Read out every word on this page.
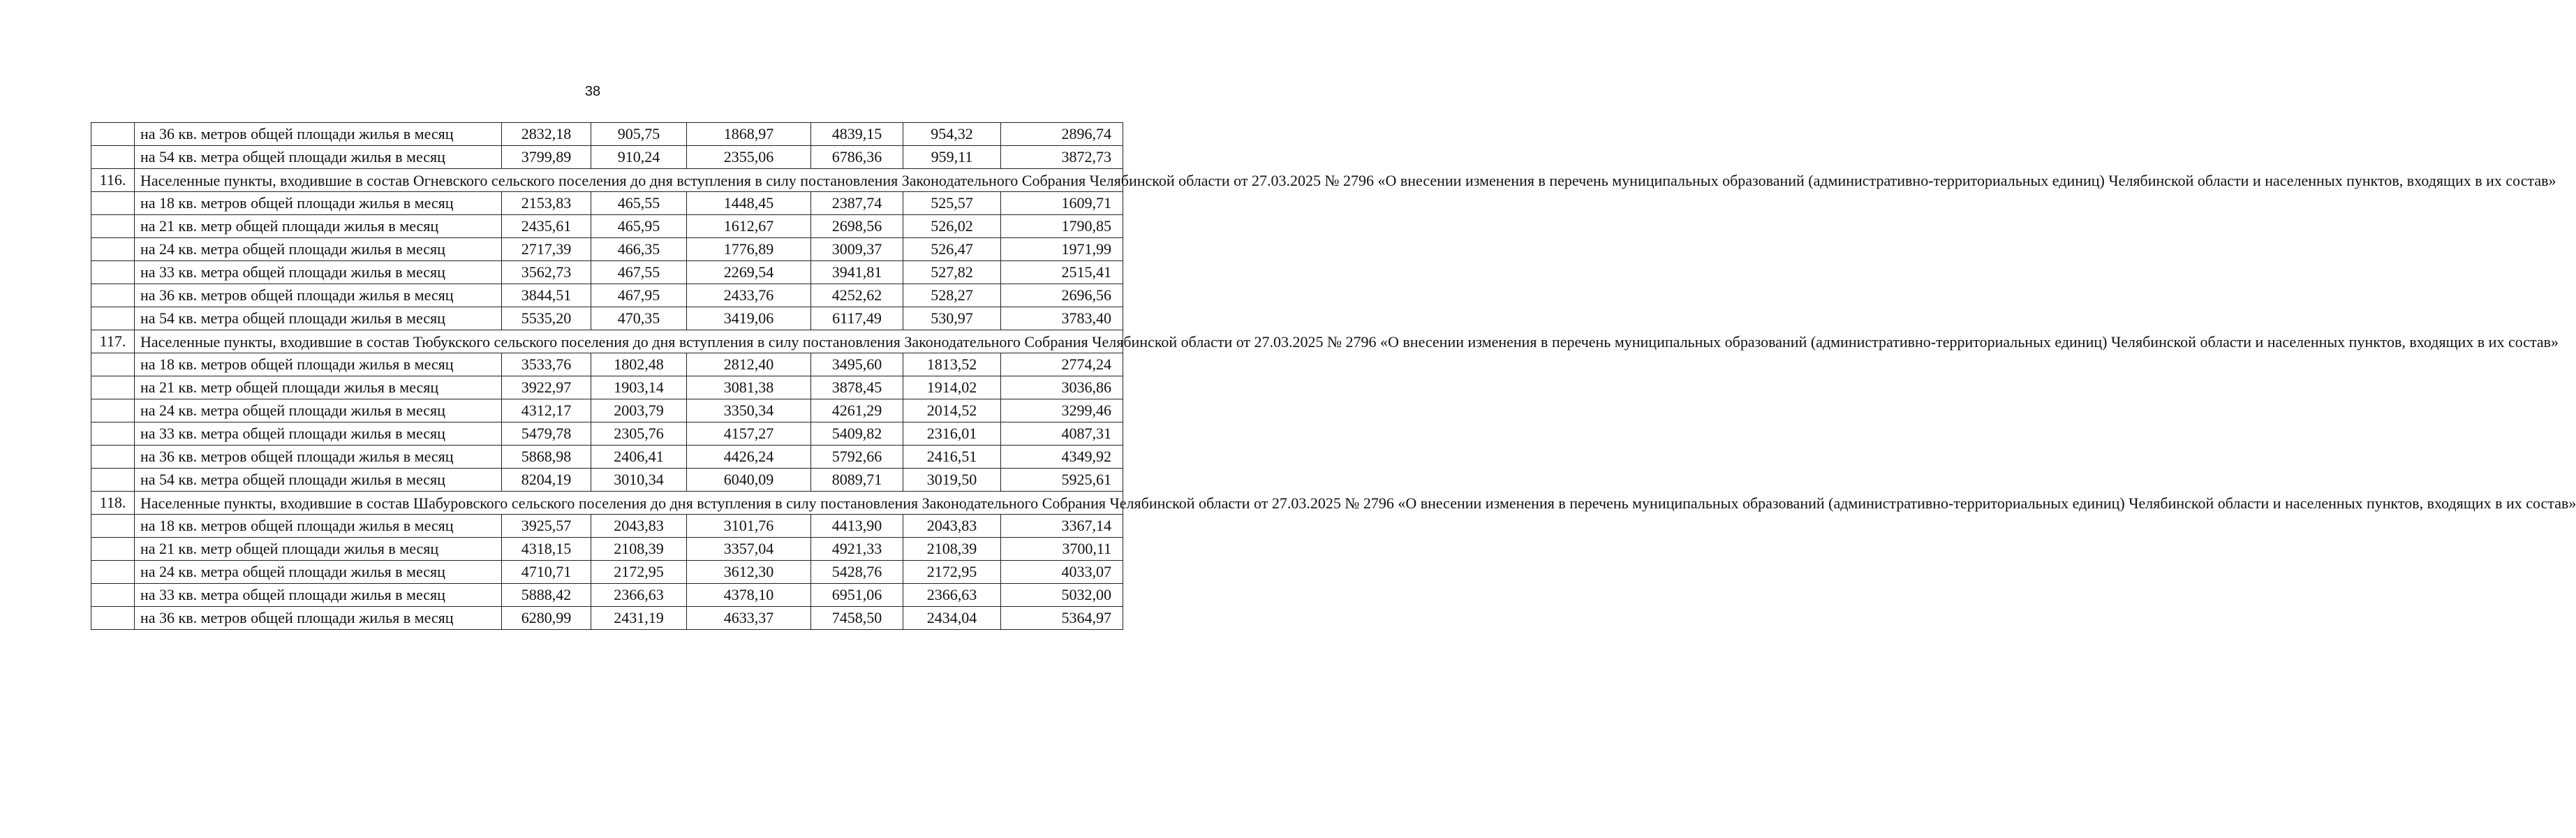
38
	на 36 кв. метров общей площади жилья в месяц	2832,18	905,75	1868,97	4839,15	954,32	2896,74
	на 54 кв. метра общей площади жилья в месяц	3799,89	910,24	2355,06	6786,36	959,11	3872,73
116.	Населенные пункты, входившие в состав Огневского сельского поселения до дня вступления в силу постановления Законодательного Собрания Челябинской области от 27.03.2025 № 2796 «О внесении изменения в перечень муниципальных образований (административно-территориальных единиц) Челябинской области и населенных пунктов, входящих в их состав»						
	на 18 кв. метров общей площади жилья в месяц	2153,83	465,55	1448,45	2387,74	525,57	1609,71
	на 21 кв. метр общей площади жилья в месяц	2435,61	465,95	1612,67	2698,56	526,02	1790,85
	на 24 кв. метра общей площади жилья в месяц	2717,39	466,35	1776,89	3009,37	526,47	1971,99
	на 33 кв. метра общей площади жилья в месяц	3562,73	467,55	2269,54	3941,81	527,82	2515,41
	на 36 кв. метров общей площади жилья в месяц	3844,51	467,95	2433,76	4252,62	528,27	2696,56
	на 54 кв. метра общей площади жилья в месяц	5535,20	470,35	3419,06	6117,49	530,97	3783,40
117.	Населенные пункты, входившие в состав Тюбукского сельского поселения до дня вступления в силу постановления Законодательного Собрания Челябинской области от 27.03.2025 № 2796 «О внесении изменения в перечень муниципальных образований (административно-территориальных единиц) Челябинской области и населенных пунктов, входящих в их состав»						
	на 18 кв. метров общей площади жилья в месяц	3533,76	1802,48	2812,40	3495,60	1813,52	2774,24
	на 21 кв. метр общей площади жилья в месяц	3922,97	1903,14	3081,38	3878,45	1914,02	3036,86
	на 24 кв. метра общей площади жилья в месяц	4312,17	2003,79	3350,34	4261,29	2014,52	3299,46
	на 33 кв. метра общей площади жилья в месяц	5479,78	2305,76	4157,27	5409,82	2316,01	4087,31
	на 36 кв. метров общей площади жилья в месяц	5868,98	2406,41	4426,24	5792,66	2416,51	4349,92
	на 54 кв. метра общей площади жилья в месяц	8204,19	3010,34	6040,09	8089,71	3019,50	5925,61
118.	Населенные пункты, входившие в состав Шабуровского сельского поселения до дня вступления в силу постановления Законодательного Собрания Челябинской области от 27.03.2025 № 2796 «О внесении изменения в перечень муниципальных образований (административно-территориальных единиц) Челябинской области и населенных пунктов, входящих в их состав»						
	на 18 кв. метров общей площади жилья в месяц	3925,57	2043,83	3101,76	4413,90	2043,83	3367,14
	на 21 кв. метр общей площади жилья в месяц	4318,15	2108,39	3357,04	4921,33	2108,39	3700,11
	на 24 кв. метра общей площади жилья в месяц	4710,71	2172,95	3612,30	5428,76	2172,95	4033,07
	на 33 кв. метра общей площади жилья в месяц	5888,42	2366,63	4378,10	6951,06	2366,63	5032,00
	на 36 кв. метров общей площади жилья в месяц	6280,99	2431,19	4633,37	7458,50	2434,04	5364,97
